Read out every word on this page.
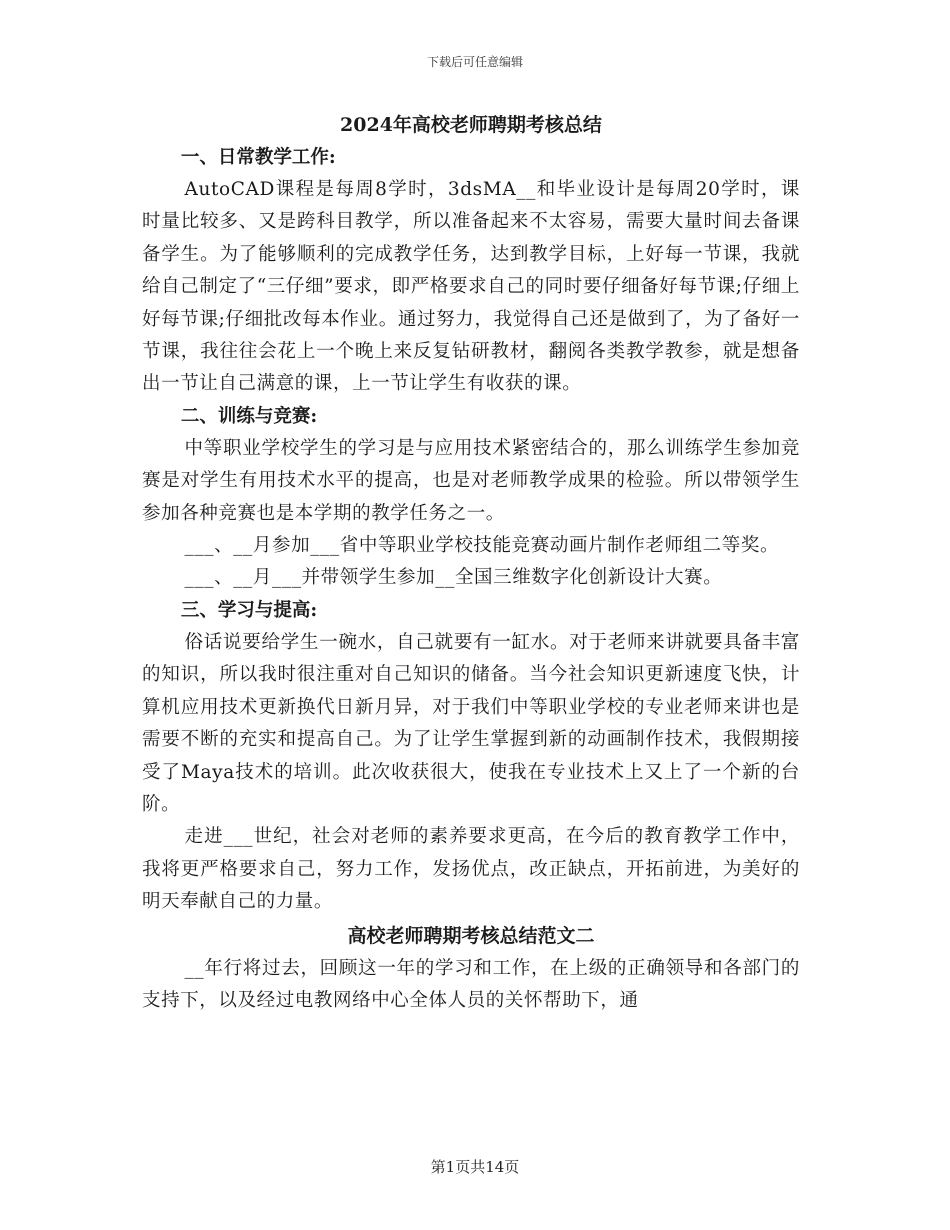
下载后可任意编辑
2024年高校老师聘期考核总结
一、日常教学工作:

AutoCAD课程是每周8学时，3dsMA__和毕业设计是每周20学时，课时量比较多、又是跨科目教学，所以准备起来不太容易，需要大量时间去备课备学生。为了能够顺利的完成教学任务，达到教学目标，上好每一节课，我就给自己制定了“三仔细”要求，即严格要求自己的同时要仔细备好每节课;仔细上好每节课;仔细批改每本作业。通过努力，我觉得自己还是做到了，为了备好一节课，我往往会花上一个晚上来反复钻研教材，翻阅各类教学教参，就是想备出一节让自己满意的课，上一节让学生有收获的课。

二、训练与竞赛:

中等职业学校学生的学习是与应用技术紧密结合的，那么训练学生参加竞赛是对学生有用技术水平的提高，也是对老师教学成果的检验。所以带领学生参加各种竞赛也是本学期的教学任务之一。

___、__月参加___省中等职业学校技能竞赛动画片制作老师组二等奖。

___、__月___并带领学生参加__全国三维数字化创新设计大赛。

三、学习与提高:

俗话说要给学生一碗水，自己就要有一缸水。对于老师来讲就要具备丰富的知识，所以我时很注重对自己知识的储备。当今社会知识更新速度飞快，计算机应用技术更新换代日新月异，对于我们中等职业学校的专业老师来讲也是需要不断的充实和提高自己。为了让学生掌握到新的动画制作技术，我假期接受了Maya技术的培训。此次收获很大，使我在专业技术上又上了一个新的台阶。

走进___世纪，社会对老师的素养要求更高，在今后的教育教学工作中，我将更严格要求自己，努力工作，发扬优点，改正缺点，开拓前进，为美好的明天奉献自己的力量。

高校老师聘期考核总结范文二

__年行将过去，回顾这一年的学习和工作，在上级的正确领导和各部门的支持下，以及经过电教网络中心全体人员的关怀帮助下，通

第1页共14页
